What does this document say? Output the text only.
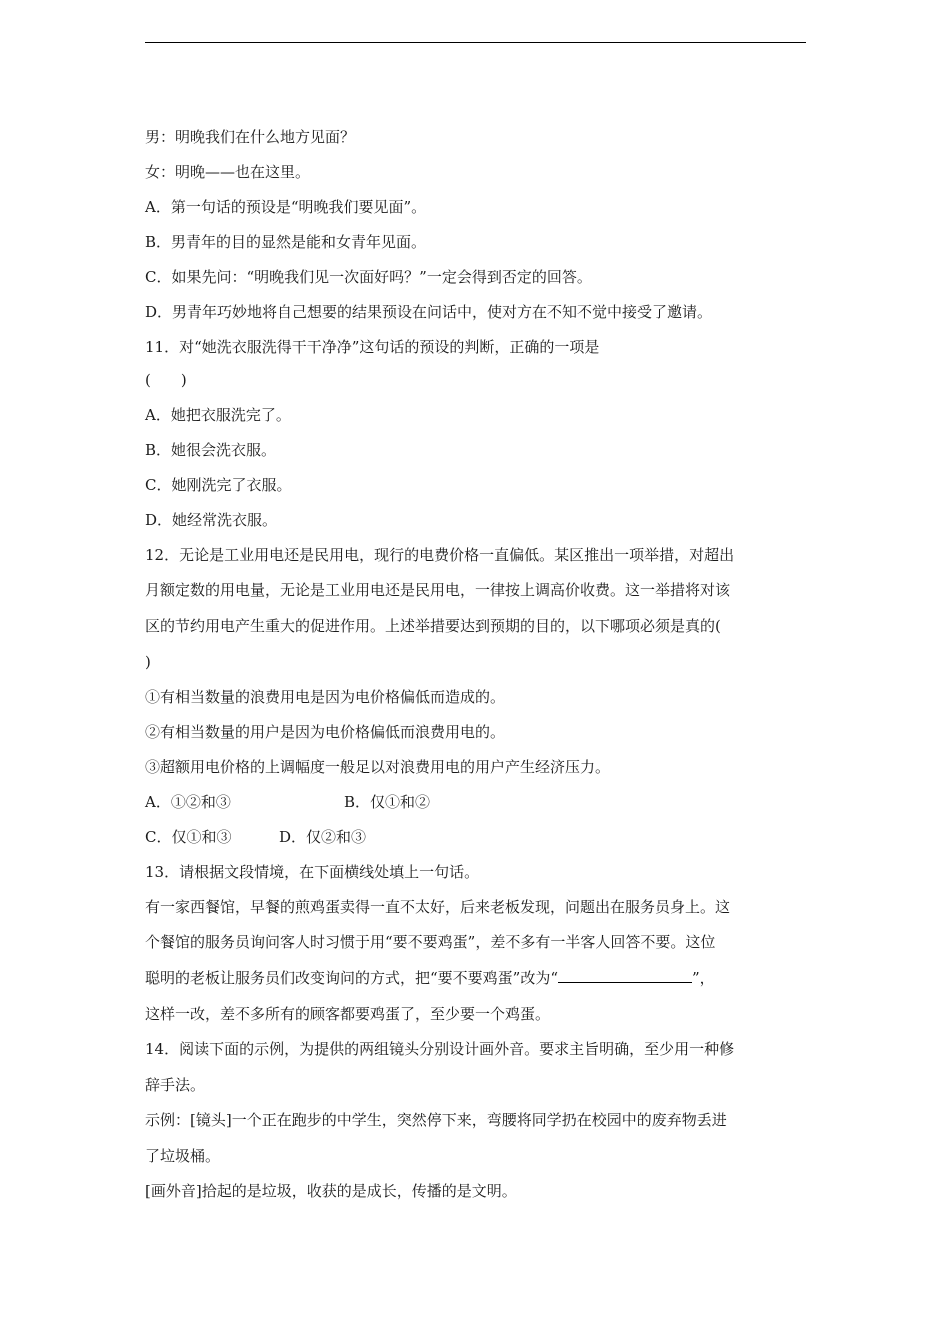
男：明晚我们在什么地方见面？
女：明晚——也在这里。
A．第一句话的预设是“明晚我们要见面”。
B．男青年的目的显然是能和女青年见面。
C．如果先问：“明晚我们见一次面好吗？”一定会得到否定的回答。
D．男青年巧妙地将自己想要的结果预设在问话中，使对方在不知不觉中接受了邀请。
11．对“她洗衣服洗得干干净净”这句话的预设的判断，正确的一项是
(　　)
A．她把衣服洗完了。
B．她很会洗衣服。
C．她刚洗完了衣服。
D．她经常洗衣服。
12．无论是工业用电还是民用电，现行的电费价格一直偏低。某区推出一项举措，对超出
月额定数的用电量，无论是工业用电还是民用电，一律按上调高价收费。这一举措将对该
区的节约用电产生重大的促进作用。上述举措要达到预期的目的，以下哪项必须是真的(
)
①有相当数量的浪费用电是因为电价格偏低而造成的。
②有相当数量的用户是因为电价格偏低而浪费用电的。
③超额用电价格的上调幅度一般足以对浪费用电的用户产生经济压力。
A．①②和③	B．仅①和②
C．仅①和③	D．仅②和③
13．请根据文段情境，在下面横线处填上一句话。
有一家西餐馆，早餐的煎鸡蛋卖得一直不太好，后来老板发现，问题出在服务员身上。这
个餐馆的服务员询问客人时习惯于用“要不要鸡蛋”，差不多有一半客人回答不要。这位
聪明的老板让服务员们改变询问的方式，把“要不要鸡蛋”改为“	”，
这样一改，差不多所有的顾客都要鸡蛋了，至少要一个鸡蛋。
14．阅读下面的示例，为提供的两组镜头分别设计画外音。要求主旨明确，至少用一种修
辞手法。
示例：[镜头]一个正在跑步的中学生，突然停下来，弯腰将同学扔在校园中的废弃物丢进
了垃圾桶。
[画外音]拾起的是垃圾，收获的是成长，传播的是文明。
